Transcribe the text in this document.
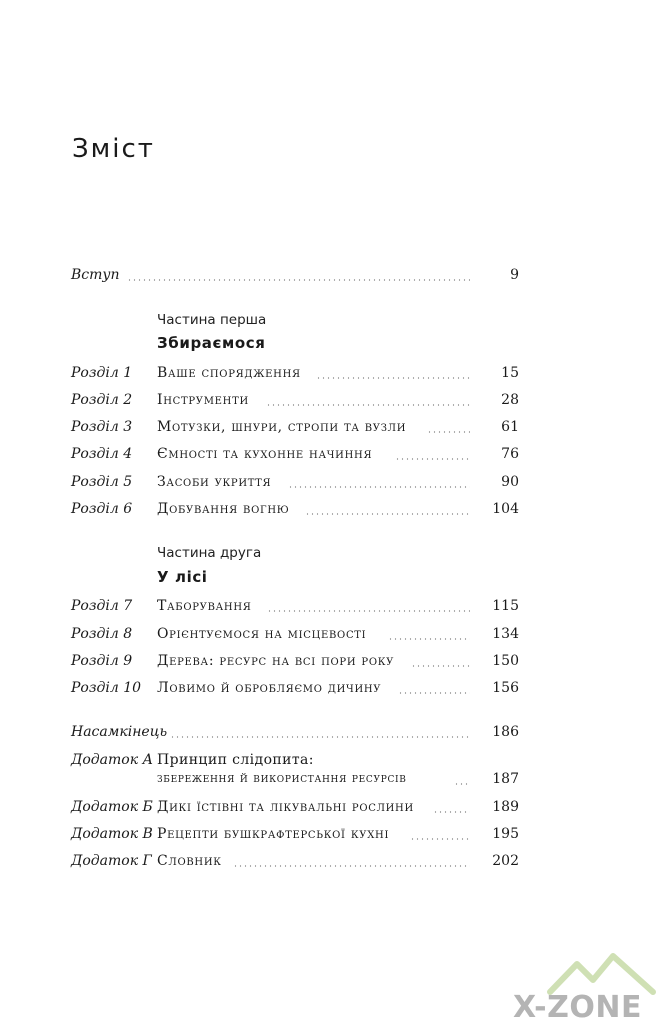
Зміст
Вступ	9
Частина перша
Збираємося
Розділ 1 Ваше спорядження	15
Розділ 2 Інструменти	28
Розділ 3 Мотузки, шнури, стропи та вузли	61
Розділ 4 Ємності та кухонне начиння	76
Розділ 5 Засоби укриття	90
Розділ 6 Добування вогню	104
Частина друга
У лісі
Розділ 7 Таборування	115
Розділ 8 Орієнтуємося на місцевості	134
Розділ 9 Дерева: ресурс на всі пори року	150
Розділ 10 Ловимо й обробляємо дичину	156
Насамкінець	186
Додаток А Принцип слідопита:
збереження й використання ресурсів	187
Додаток Б Дикі їстівні та лікувальні рослини	189
Додаток В Рецепти бушкрафтерської кухні	195
Додаток Г Словник	202
X-ZONE
